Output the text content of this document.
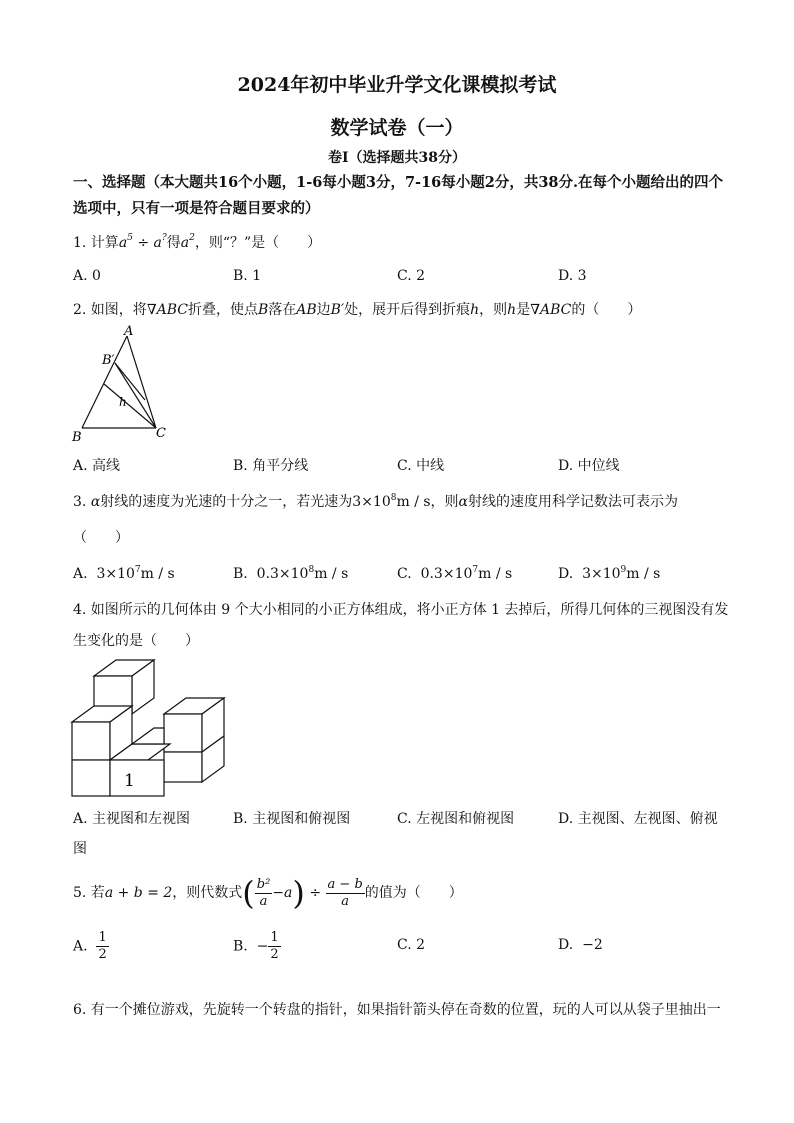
2024年初中毕业升学文化课模拟考试
数学试卷（一）
卷Ⅰ（选择题共38分）
一、选择题（本大题共16个小题，1-6每小题3分，7-16每小题2分，共38分.在每个小题给出的四个选项中，只有一项是符合题目要求的）
1. 计算$a^5 \div a^?$得$a^2$，则“？”是（　　）
A. 0	B. 1	C. 2	D. 3
2. 如图，将∇ABC折叠，使点B落在AB边B′处，展开后得到折痕h，则h是∇ABC的（　　）
A
B′
h
B	C
A. 高线	B. 角平分线	C. 中线	D. 中位线
3. α射线的速度为光速的十分之一，若光速为$3\times 10^8m / s$，则α射线的速度用科学记数法可表示为
（　　）
A. $3\times 10^7m / s$	B. $0.3\times 10^8m / s$	C. $0.3\times 10^7m / s$	D. $3\times 10^9m / s$
4. 如图所示的几何体由 9 个大小相同的小正方体组成，将小正方体 1 去掉后，所得几何体的三视图没有发
生变化的是（　　）
1
A. 主视图和左视图	B. 主视图和俯视图	C. 左视图和俯视图	D. 主视图、左视图、俯视
图
5. 若a + b = 2，则代数式( $\frac{\text{b²}}{a} -a) \div \frac{a - b}{a}$ 的值为（　　）
A. $\frac{1}{2}$	B. − $\frac{1}{2}$	C. 2	D. −2
6. 有一个摊位游戏，先旋转一个转盘的指针，如果指针箭头停在奇数的位置，玩的人可以从袋子里抽出一
